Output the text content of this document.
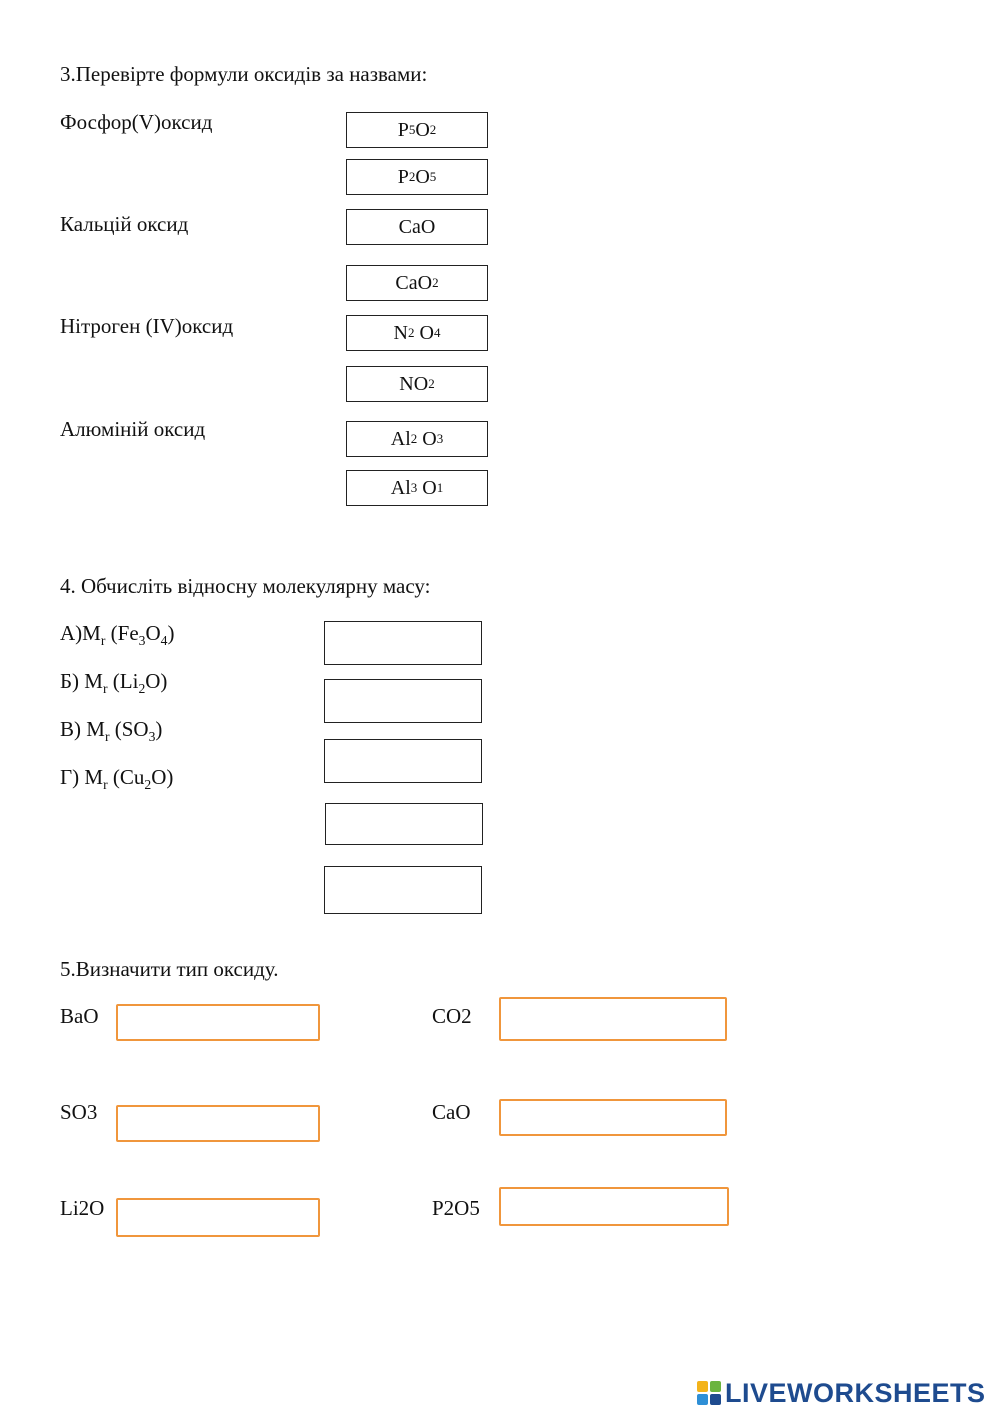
3.Перевірте формули оксидів за назвами:
Фосфор(V)оксид
Кальцій оксид
Нітроген (IV)оксид
Алюміній оксид
P 5 O 2
P 2 O 5
CaO
CaO 2
N 2 O 4
NO 2
Al 2 O 3
Al 3 O 1
4. Обчисліть відносну молекулярну масу:
$А)M_r$ $(Fe_3O_4)$
Б) $M_r$ $(Li_2O)$
В) $M_r$ $(SO_3)$
Г) $M_r$ $(Cu_2O)$
5.Визначити тип оксиду.
BaO	CO2
SO3	CaO
Li2O	P2O5
LIVEWORKSHEETS
